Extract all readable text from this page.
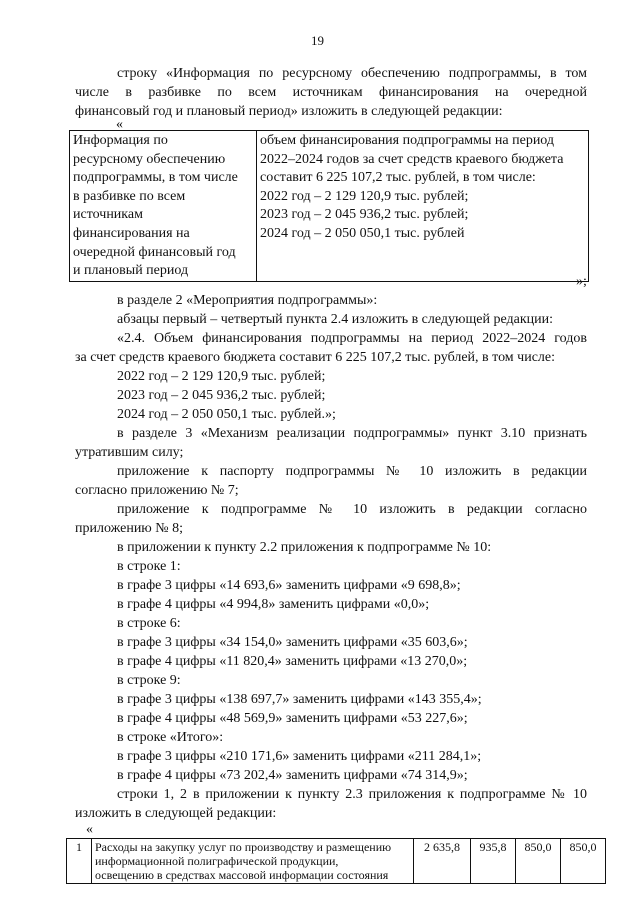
19
строку «Информация по ресурсному обеспечению подпрограммы, в том
числе в разбивке по всем источникам финансирования на очередной
финансовый год и плановый период» изложить в следующей редакции:
«
Информация по
ресурсному обеспечению
подпрограммы, в том числе
в разбивке по всем
источникам
финансирования на
очередной финансовый год
и плановый период

объем финансирования подпрограммы на период
2022–2024 годов за счет средств краевого бюджета
составит 6 225 107,2 тыс. рублей, в том числе:
2022 год – 2 129 120,9 тыс. рублей;
2023 год – 2 045 936,2 тыс. рублей;
2024 год – 2 050 050,1 тыс. рублей
»;
в разделе 2 «Мероприятия подпрограммы»:
абзацы первый – четвертый пункта 2.4 изложить в следующей редакции:
«2.4. Объем финансирования подпрограммы на период 2022–2024 годов
за счет средств краевого бюджета составит 6 225 107,2 тыс. рублей, в том числе:
2022 год – 2 129 120,9 тыс. рублей;
2023 год – 2 045 936,2 тыс. рублей;
2024 год – 2 050 050,1 тыс. рублей.»;
в разделе 3 «Механизм реализации подпрограммы» пункт 3.10 признать
утратившим силу;
приложение к паспорту подпрограммы № 10 изложить в редакции
согласно приложению № 7;
приложение к подпрограмме № 10 изложить в редакции согласно
приложению № 8;
в приложении к пункту 2.2 приложения к подпрограмме № 10:
в строке 1:
в графе 3 цифры «14 693,6» заменить цифрами «9 698,8»;
в графе 4 цифры «4 994,8» заменить цифрами «0,0»;
в строке 6:
в графе 3 цифры «34 154,0» заменить цифрами «35 603,6»;
в графе 4 цифры «11 820,4» заменить цифрами «13 270,0»;
в строке 9:
в графе 3 цифры «138 697,7» заменить цифрами «143 355,4»;
в графе 4 цифры «48 569,9» заменить цифрами «53 227,6»;
в строке «Итого»:
в графе 3 цифры «210 171,6» заменить цифрами «211 284,1»;
в графе 4 цифры «73 202,4» заменить цифрами «74 314,9»;
строки 1, 2 в приложении к пункту 2.3 приложения к подпрограмме № 10
изложить в следующей редакции:
«
1	Расходы на закупку услуг по производству и размещению
информационной полиграфической продукции,
освещению в средствах массовой информации состояния
	2 635,8	935,8	850,0	850,0
